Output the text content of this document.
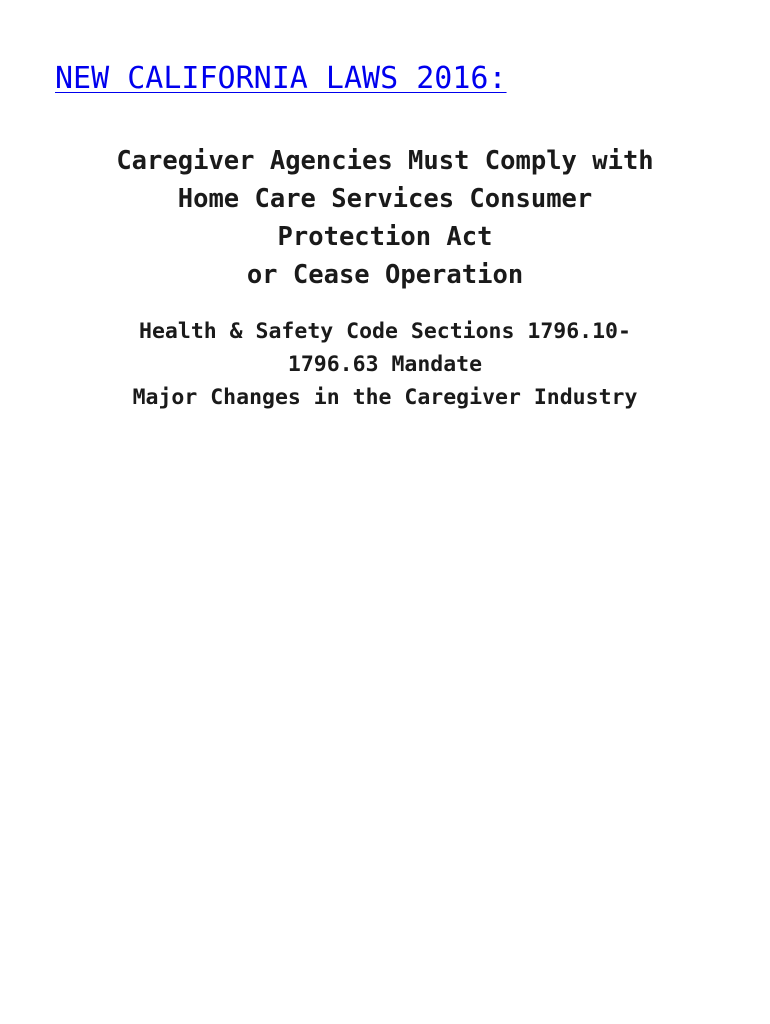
NEW CALIFORNIA LAWS 2016:
Caregiver Agencies Must Comply with
Home Care Services Consumer
Protection Act
or Cease Operation
Health & Safety Code Sections 1796.10-
1796.63 Mandate
Major Changes in the Caregiver Industry
